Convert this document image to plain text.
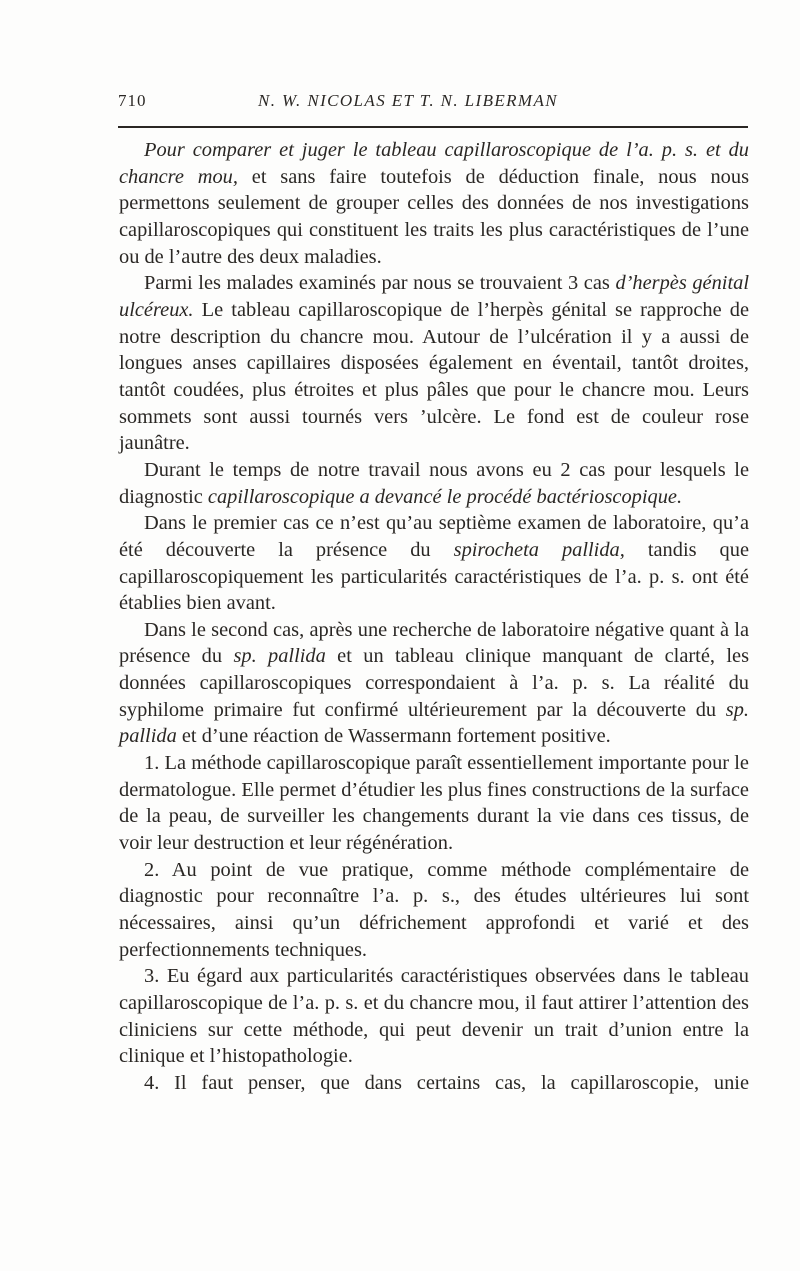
710	N. W. NICOLAS ET T. N. LIBERMAN

Pour comparer et juger le tableau capillaroscopique de l’a. p. s. et du chancre mou, et sans faire toutefois de déduction finale, nous nous permettons seulement de grouper celles des données de nos investigations capillaroscopiques qui constituent les traits les plus caractéristiques de l’une ou de l’autre des deux maladies.

Parmi les malades examinés par nous se trouvaient 3 cas d’herpès génital ulcéreux. Le tableau capillaroscopique de l’herpès génital se rapproche de notre description du chancre mou. Autour de l’ulcération il y a aussi de longues anses capillaires disposées également en éventail, tantôt droites, tantôt coudées, plus étroites et plus pâles que pour le chancre mou. Leurs sommets sont aussi tournés vers ’ulcère. Le fond est de couleur rose jaunâtre.

Durant le temps de notre travail nous avons eu 2 cas pour lesquels le diagnostic capillaroscopique a devancé le procédé bactérioscopique.

Dans le premier cas ce n’est qu’au septième examen de laboratoire, qu’a été découverte la présence du spirocheta pallida, tandis que capillaroscopiquement les particularités caractéristiques de l’a. p. s. ont été établies bien avant.

Dans le second cas, après une recherche de laboratoire négative quant à la présence du sp. pallida et un tableau clinique manquant de clarté, les données capillaroscopiques correspondaient à l’a. p. s. La réalité du syphilome primaire fut confirmé ultérieurement par la découverte du sp. pallida et d’une réaction de Wassermann fortement positive.

1. La méthode capillaroscopique paraît essentiellement importante pour le dermatologue. Elle permet d’étudier les plus fines constructions de la surface de la peau, de surveiller les changements durant la vie dans ces tissus, de voir leur destruction et leur régénération.

2. Au point de vue pratique, comme méthode complémentaire de diagnostic pour reconnaître l’a. p. s., des études ultérieures lui sont nécessaires, ainsi qu’un défrichement approfondi et varié et des perfectionnements techniques.

3. Eu égard aux particularités caractéristiques observées dans le tableau capillaroscopique de l’a. p. s. et du chancre mou, il faut attirer l’attention des cliniciens sur cette méthode, qui peut devenir un trait d’union entre la clinique et l’histopathologie.

4. Il faut penser, que dans certains cas, la capillaroscopie, unie
